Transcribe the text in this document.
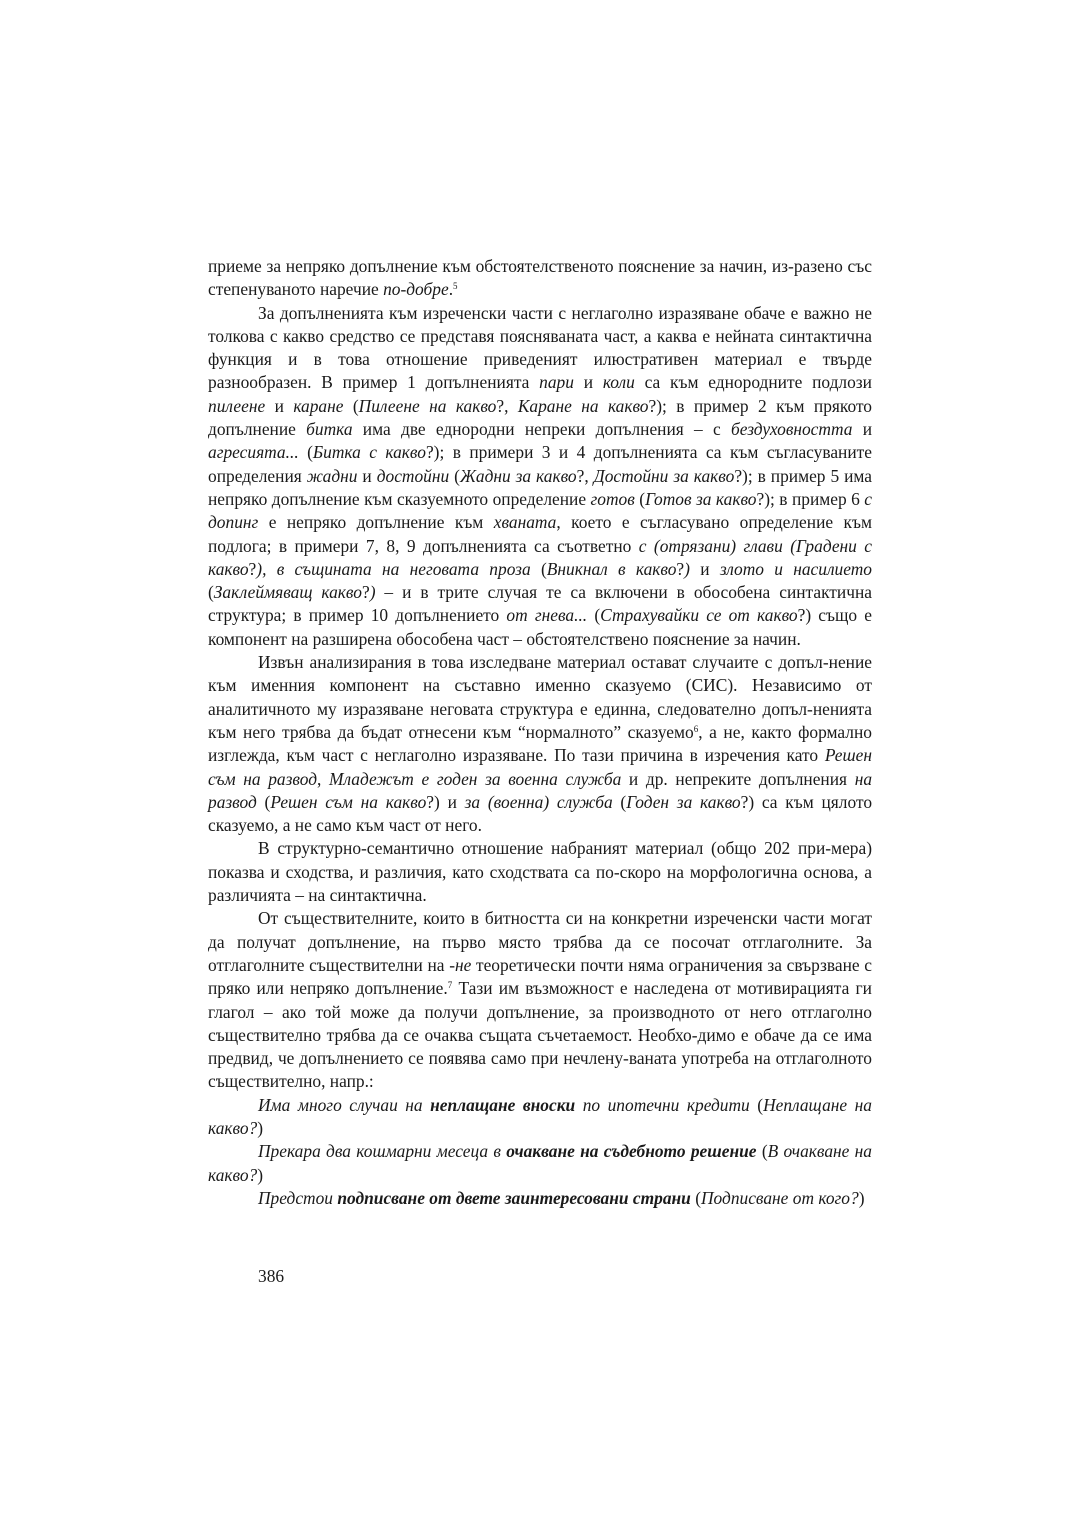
приеме за непряко допълнение към обстоятелственото пояснение за начин, из-разено със степенуваното наречие по-добре.$^5$

За допълненията към изреченски части с неглаголно изразяване обаче е важно не толкова с какво средство се представя поясняваната част, а каква е нейната синтактична функция и в това отношение приведеният илюстративен материал е твърде разнообразен. В пример 1 допълненията пари и коли са към еднородните подлози пилеене и каране (Пилеене на какво?, Каране на какво?); в пример 2 към прякото допълнение битка има две еднородни непреки допълнения – с бездуховността и агресията... (Битка с какво?); в примери 3 и 4 допълненията са към съгласуваните определения жадни и достойни (Жадни за какво?, Достойни за какво?); в пример 5 има непряко допълнение към сказуемното определение готов (Готов за какво?); в пример 6 с допинг е непряко допълнение към хваната, което е съгласувано определение към подлога; в примери 7, 8, 9 допълненията са съответно с (отрязани) глави (Градени с какво?), в същината на неговата проза (Вникнал в какво?) и злото и насилието (Заклеймяващ какво?) – и в трите случая те са включени в обособена синтактична структура; в пример 10 допълнението от гнева... (Страхувайки се от какво?) също е компонент на разширена обособена част – обстоятелствено пояснение за начин.

Извън анализирания в това изследване материал остават случаите с допъл-нение към именния компонент на съставно именно сказуемо (СИС). Независимо от аналитичното му изразяване неговата структура е единна, следователно допъл-ненията към него трябва да бъдат отнесени към “нормалното” сказуемо$^6$, а не, както формално изглежда, към част с неглаголно изразяване. По тази причина в изречения като Решен съм на развод, Младежът е годен за военна служба и др. непреките допълнения на развод (Решен съм на какво?) и за (военна) служба (Годен за какво?) са към цялото сказуемо, а не само към част от него.

В структурно-семантично отношение набраният материал (общо 202 при-мера) показва и сходства, и различия, като сходствата са по-скоро на морфологична основа, а различията – на синтактична.

От съществителните, които в битността си на конкретни изреченски части могат да получат допълнение, на първо място трябва да се посочат отглаголните. За отглаголните съществителни на -не теоретически почти няма ограничения за свързване с пряко или непряко допълнение.$^7$ Тази им възможност е наследена от мотивирацията ги глагол – ако той може да получи допълнение, за производното от него отглаголно съществително трябва да се очаква същата съчетаемост. Необхо-димо е обаче да се има предвид, че допълнението се появява само при нечлену-ваната употреба на отглаголното съществително, напр.:

Има много случаи на неплащане вноски по ипотечни кредити (Неплащане на какво?)

Прекара два кошмарни месеца в очакване на съдебното решение (В очакване на какво?)

Предстои подписване от двете заинтересовани страни (Подписване от кого?)

386
